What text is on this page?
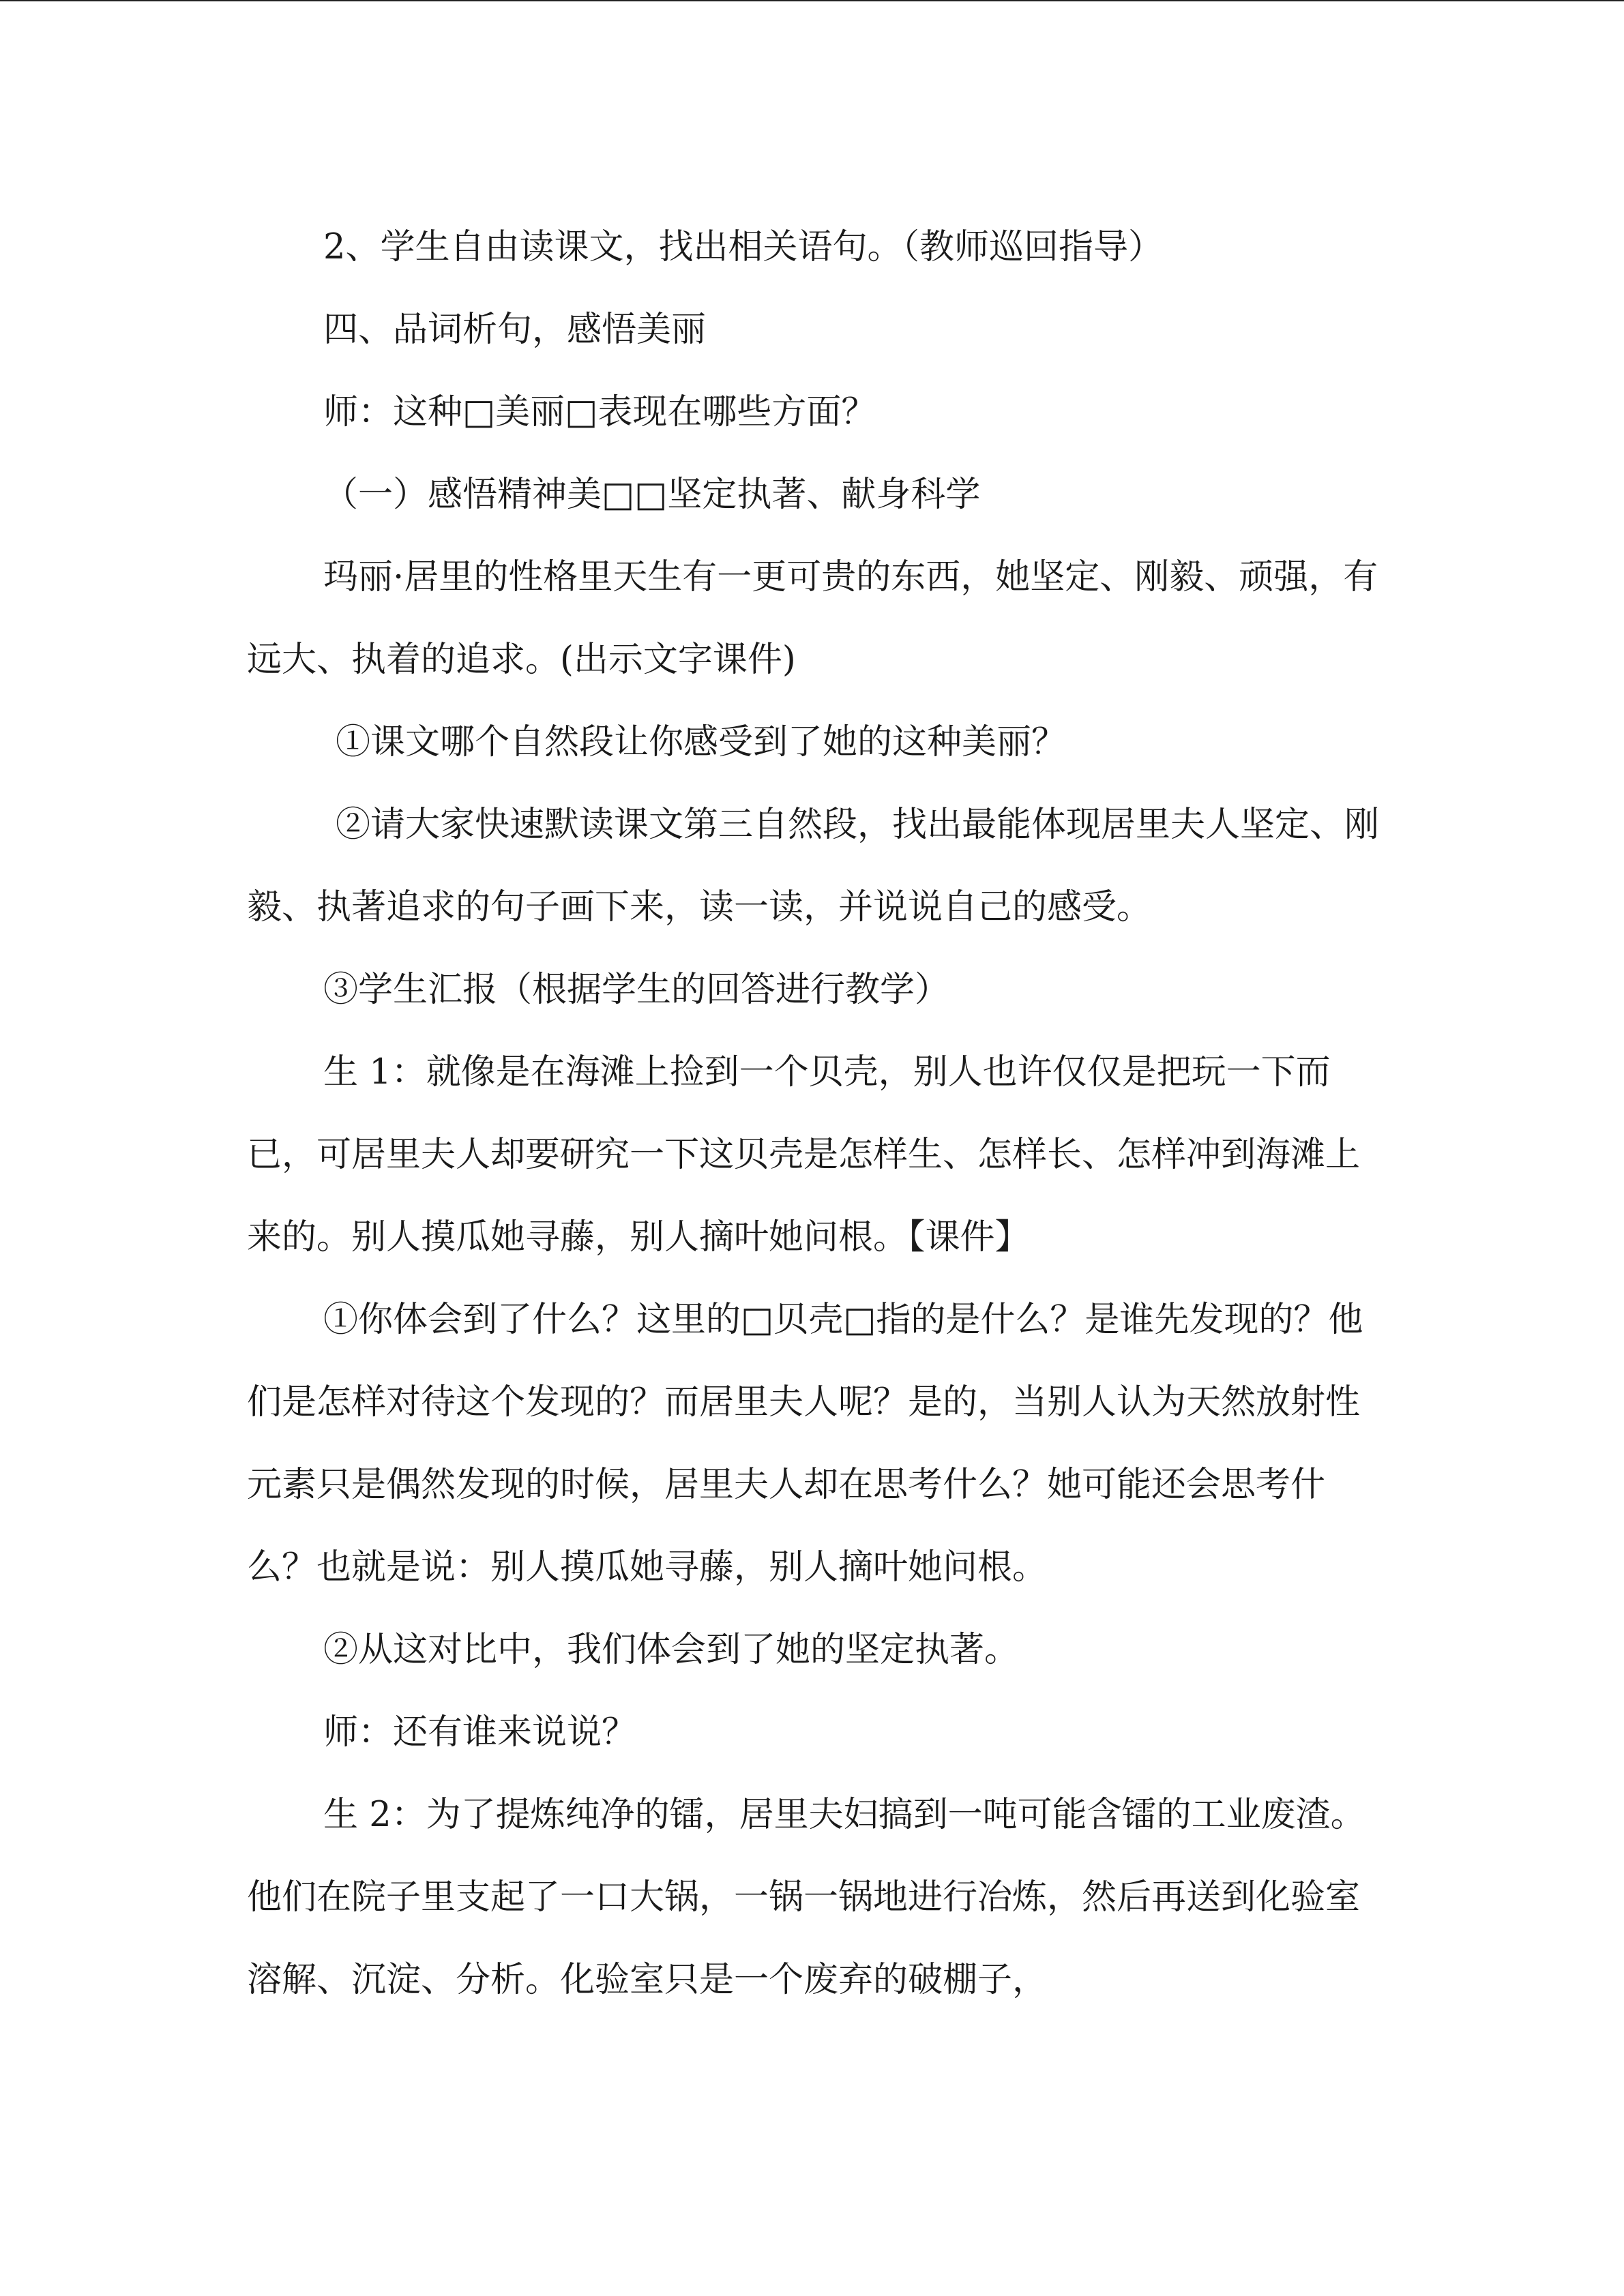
2、学生自由读课文，找出相关语句。（教师巡回指导）

四、品词析句，感悟美丽

师：这种□美丽□表现在哪些方面？

（一）感悟精神美□□坚定执著、献身科学

玛丽·居里的性格里天生有一更可贵的东西，她坚定、刚毅、顽强，有远大、执着的追求。(出示文字课件)

①课文哪个自然段让你感受到了她的这种美丽？

②请大家快速默读课文第三自然段，找出最能体现居里夫人坚定、刚毅、执著追求的句子画下来，读一读，并说说自己的感受。

③学生汇报（根据学生的回答进行教学）

生 1：就像是在海滩上捡到一个贝壳，别人也许仅仅是把玩一下而已，可居里夫人却要研究一下这贝壳是怎样生、怎样长、怎样冲到海滩上来的。别人摸瓜她寻藤，别人摘叶她问根。【课件】

①你体会到了什么？这里的□贝壳□指的是什么？是谁先发现的？他们是怎样对待这个发现的？而居里夫人呢？是的，当别人认为天然放射性元素只是偶然发现的时候，居里夫人却在思考什么？她可能还会思考什么？也就是说：别人摸瓜她寻藤，别人摘叶她问根。

②从这对比中，我们体会到了她的坚定执著。

师：还有谁来说说？

生 2：为了提炼纯净的镭，居里夫妇搞到一吨可能含镭的工业废渣。他们在院子里支起了一口大锅，一锅一锅地进行冶炼，然后再送到化验室溶解、沉淀、分析。化验室只是一个废弃的破棚子，
